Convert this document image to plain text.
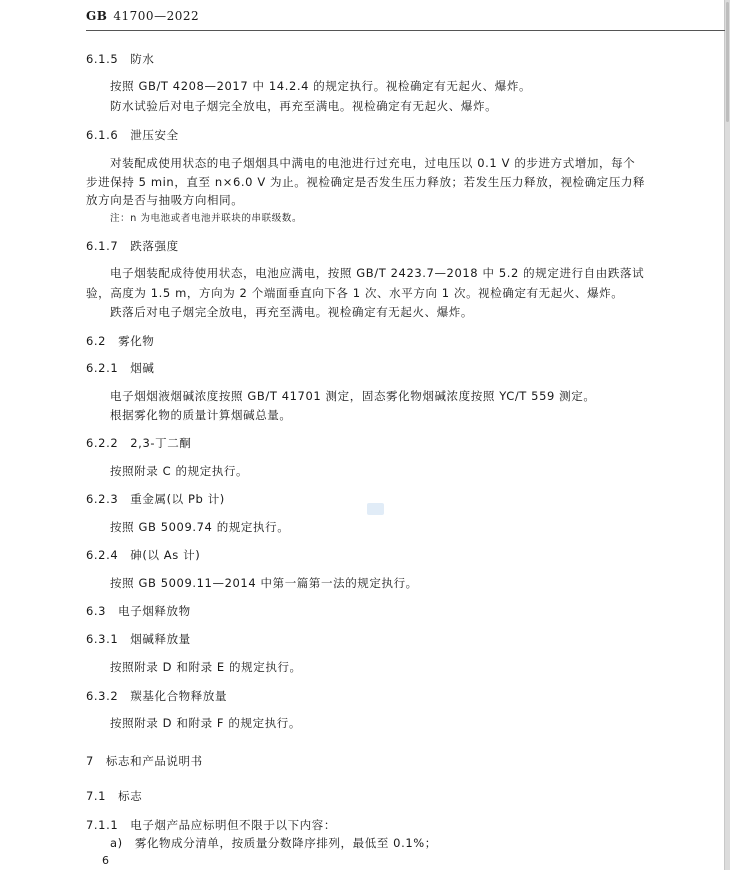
GB 41700—2022
6.1.5 防水
按照 GB/T 4208—2017 中 14.2.4 的规定执行。视检确定有无起火、爆炸。
防水试验后对电子烟完全放电，再充至满电。视检确定有无起火、爆炸。
6.1.6 泄压安全
对装配成使用状态的电子烟烟具中满电的电池进行过充电，过电压以 0.1 V 的步进方式增加，每个
步进保持 5 min，直至 n×6.0 V 为止。视检确定是否发生压力释放；若发生压力释放，视检确定压力释
放方向是否与抽吸方向相同。
注：n 为电池或者电池并联块的串联级数。
6.1.7 跌落强度
电子烟装配成待使用状态，电池应满电，按照 GB/T 2423.7—2018 中 5.2 的规定进行自由跌落试
验，高度为 1.5 m，方向为 2 个端面垂直向下各 1 次、水平方向 1 次。视检确定有无起火、爆炸。
跌落后对电子烟完全放电，再充至满电。视检确定有无起火、爆炸。
6.2 雾化物
6.2.1 烟碱
电子烟烟液烟碱浓度按照 GB/T 41701 测定，固态雾化物烟碱浓度按照 YC/T 559 测定。
根据雾化物的质量计算烟碱总量。
6.2.2 2,3-丁二酮
按照附录 C 的规定执行。
6.2.3 重金属(以 Pb 计)
按照 GB 5009.74 的规定执行。
6.2.4 砷(以 As 计)
按照 GB 5009.11—2014 中第一篇第一法的规定执行。
6.3 电子烟释放物
6.3.1 烟碱释放量
按照附录 D 和附录 E 的规定执行。
6.3.2 羰基化合物释放量
按照附录 D 和附录 F 的规定执行。
7 标志和产品说明书
7.1 标志
7.1.1 电子烟产品应标明但不限于以下内容：
a)　雾化物成分清单，按质量分数降序排列，最低至 0.1%；
6
